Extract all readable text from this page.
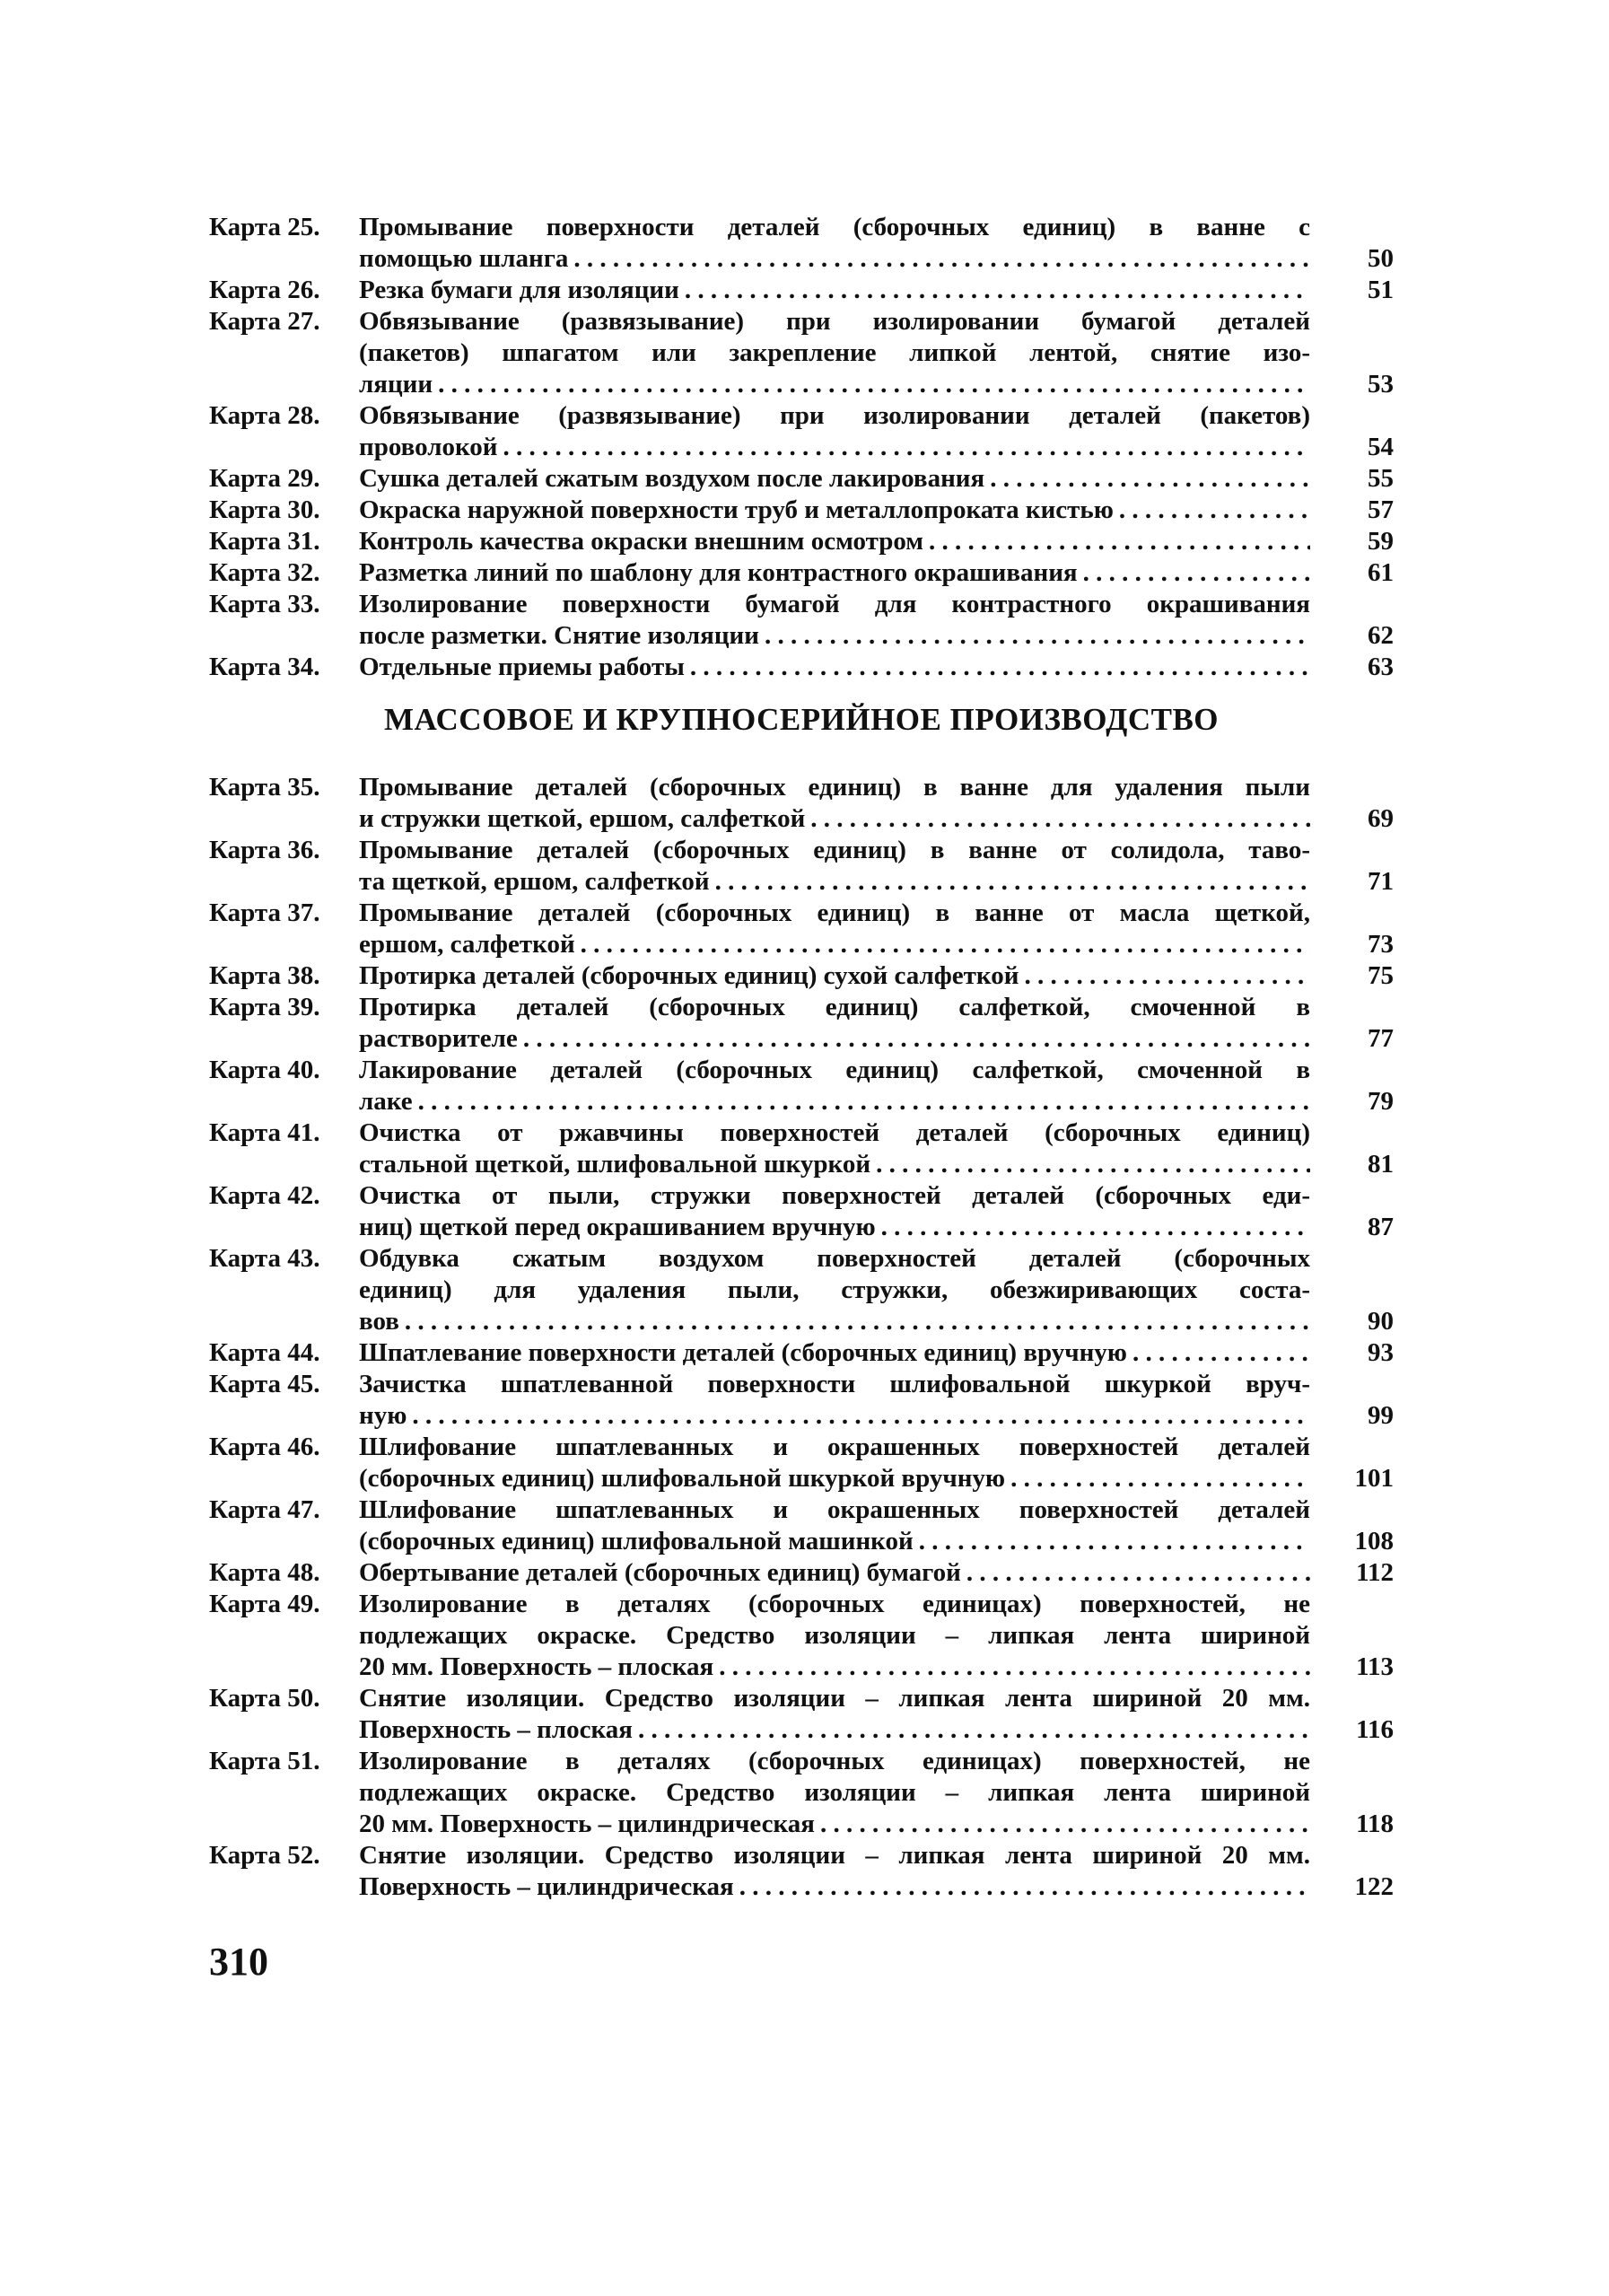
Карта 25.	Промывание поверхности деталей (сборочных единиц) в ванне с
помощью шланга . . .	50
Карта 26.	Резка бумаги для изоляции . . .	51
Карта 27.	Обвязывание (развязывание) при изолировании бумагой деталей
(пакетов) шпагатом или закрепление липкой лентой, снятие изо-
ляции . . .	53
Карта 28.	Обвязывание (развязывание) при изолировании деталей (пакетов)
проволокой . . .	54
Карта 29.	Сушка деталей сжатым воздухом после лакирования . . .	55
Карта 30.	Окраска наружной поверхности труб и металлопроката кистью . . .	57
Карта 31.	Контроль качества окраски внешним осмотром . . .	59
Карта 32.	Разметка линий по шаблону для контрастного окрашивания . . .	61
Карта 33.	Изолирование поверхности бумагой для контрастного окрашивания
после разметки. Снятие изоляции . . .	62
Карта 34.	Отдельные приемы работы . . .	63
МАССОВОЕ И КРУПНОСЕРИЙНОЕ ПРОИЗВОДСТВО
Карта 35.	Промывание деталей (сборочных единиц) в ванне для удаления пыли
и стружки щеткой, ершом, салфеткой . . .	69
Карта 36.	Промывание деталей (сборочных единиц) в ванне от солидола, таво-
та щеткой, ершом, салфеткой . . .	71
Карта 37.	Промывание деталей (сборочных единиц) в ванне от масла щеткой,
ершом, салфеткой . . .	73
Карта 38.	Протирка деталей (сборочных единиц) сухой салфеткой . . .	75
Карта 39.	Протирка деталей (сборочных единиц) салфеткой, смоченной в
растворителе . . .	77
Карта 40.	Лакирование деталей (сборочных единиц) салфеткой, смоченной в
лаке . . .	79
Карта 41.	Очистка от ржавчины поверхностей деталей (сборочных единиц)
стальной щеткой, шлифовальной шкуркой . . .	81
Карта 42.	Очистка от пыли, стружки поверхностей деталей (сборочных еди-
ниц) щеткой перед окрашиванием вручную . . .	87
Карта 43.	Обдувка сжатым воздухом поверхностей деталей (сборочных
единиц) для удаления пыли, стружки, обезжиривающих соста-
вов . . .	90
Карта 44.	Шпатлевание поверхности деталей (сборочных единиц) вручную . . .	93
Карта 45.	Зачистка шпатлеванной поверхности шлифовальной шкуркой вруч-
ную . . .	99
Карта 46.	Шлифование шпатлеванных и окрашенных поверхностей деталей
(сборочных единиц) шлифовальной шкуркой вручную . . .	101
Карта 47.	Шлифование шпатлеванных и окрашенных поверхностей деталей
(сборочных единиц) шлифовальной машинкой . . .	108
Карта 48.	Обертывание деталей (сборочных единиц) бумагой . . .	112
Карта 49.	Изолирование в деталях (сборочных единицах) поверхностей, не
подлежащих окраске. Средство изоляции – липкая лента шириной
20 мм. Поверхность – плоская . . .	113
Карта 50.	Снятие изоляции. Средство изоляции – липкая лента шириной 20 мм.
Поверхность – плоская . . .	116
Карта 51.	Изолирование в деталях (сборочных единицах) поверхностей, не
подлежащих окраске. Средство изоляции – липкая лента шириной
20 мм. Поверхность – цилиндрическая . . .	118
Карта 52.	Снятие изоляции. Средство изоляции – липкая лента шириной 20 мм.
Поверхность – цилиндрическая . . .	122
310
